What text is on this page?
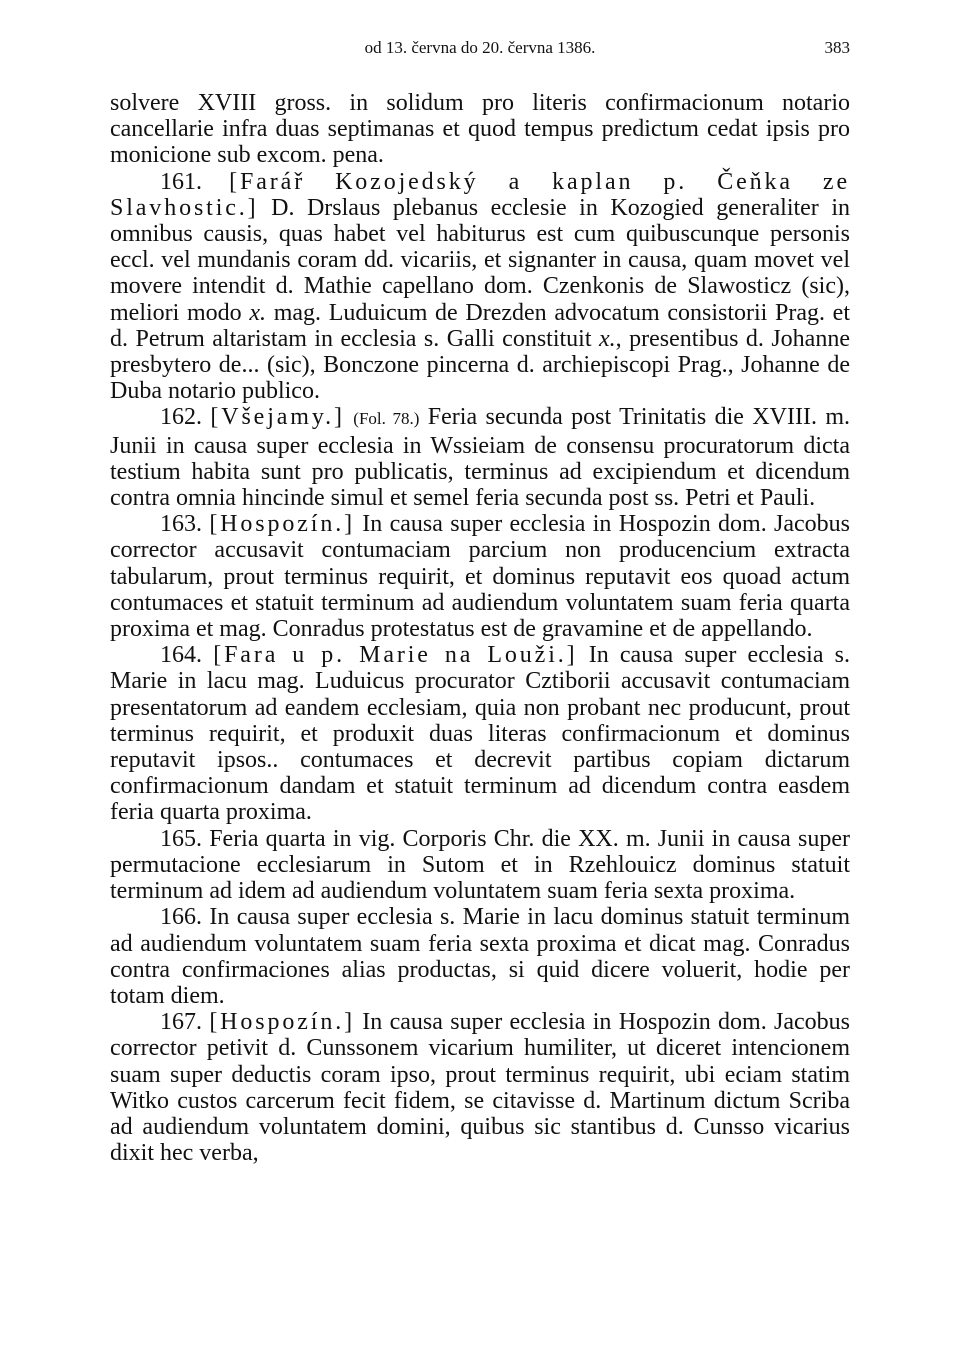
od 13. června do 20. června 1386.	383

solvere XVIII gross. in solidum pro literis confirmacionum notario cancellarie infra duas septimanas et quod tempus predictum cedat ipsis pro monicione sub excom. pena.

161. [Farář Kozojedský a kaplan p. Čeňka ze Slavhostic.] D. Drslaus plebanus ecclesie in Kozogied generaliter in omnibus causis, quas habet vel habiturus est cum quibuscunque personis eccl. vel mundanis coram dd. vicariis, et signanter in causa, quam movet vel movere intendit d. Mathie capellano dom. Czenkonis de Slawosticz (sic), meliori modo x. mag. Luduicum de Drezden advocatum consistorii Prag. et d. Petrum altaristam in ecclesia s. Galli constituit x., presentibus d. Johanne presbytero de... (sic), Bonczone pincerna d. archiepiscopi Prag., Johanne de Duba notario publico.

162. [Všejamy.] (Fol. 78.) Feria secunda post Trinitatis die XVIII. m. Junii in causa super ecclesia in Wssieiam de consensu procuratorum dicta testium habita sunt pro publicatis, terminus ad excipiendum et dicendum contra omnia hincinde simul et semel feria secunda post ss. Petri et Pauli.

163. [Hospozín.] In causa super ecclesia in Hospozin dom. Jacobus corrector accusavit contumaciam parcium non producencium extracta tabularum, prout terminus requirit, et dominus reputavit eos quoad actum contumaces et statuit terminum ad audiendum voluntatem suam feria quarta proxima et mag. Conradus protestatus est de gravamine et de appellando.

164. [Fara u p. Marie na Louži.] In causa super ecclesia s. Marie in lacu mag. Luduicus procurator Cztiborii accusavit contumaciam presentatorum ad eandem ecclesiam, quia non probant nec producunt, prout terminus requirit, et produxit duas literas confirmacionum et dominus reputavit ipsos.. contumaces et decrevit partibus copiam dictarum confirmacionum dandam et statuit terminum ad dicendum contra easdem feria quarta proxima.

165. Feria quarta in vig. Corporis Chr. die XX. m. Junii in causa super permutacione ecclesiarum in Sutom et in Rzehlouicz dominus statuit terminum ad idem ad audiendum voluntatem suam feria sexta proxima.

166. In causa super ecclesia s. Marie in lacu dominus statuit terminum ad audiendum voluntatem suam feria sexta proxima et dicat mag. Conradus contra confirmaciones alias productas, si quid dicere voluerit, hodie per totam diem.

167. [Hospozín.] In causa super ecclesia in Hospozin dom. Jacobus corrector petivit d. Cunssonem vicarium humiliter, ut diceret intencionem suam super deductis coram ipso, prout terminus requirit, ubi eciam statim Witko custos carcerum fecit fidem, se citavisse d. Martinum dictum Scriba ad audiendum voluntatem domini, quibus sic stantibus d. Cunsso vicarius dixit hec verba,
